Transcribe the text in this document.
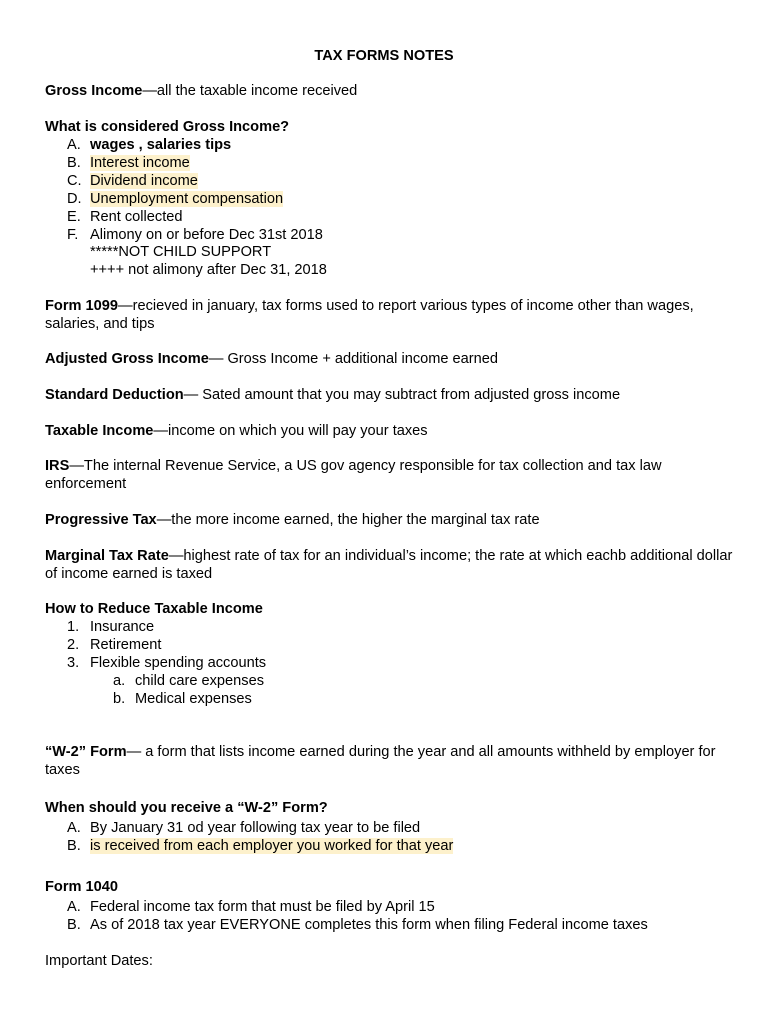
TAX FORMS NOTES
Gross Income—all the taxable income received
What is considered Gross Income?
A. wages , salaries tips
B. Interest income
C. Dividend income
D. Unemployment compensation
E. Rent collected
F. Alimony on or before Dec 31st 2018
*****NOT CHILD SUPPORT
++++ not alimony after Dec 31, 2018
Form 1099—recieved in january, tax forms used to report various types of income other than wages, salaries, and tips
Adjusted Gross Income— Gross Income + additional income earned
Standard Deduction— Sated amount that you may subtract from adjusted gross income
Taxable Income—income on which you will pay your taxes
IRS—The internal Revenue Service, a US gov agency responsible for tax collection and tax law enforcement
Progressive Tax—the more income earned, the higher the marginal tax rate
Marginal Tax Rate—highest rate of tax for an individual’s income; the rate at which eachb additional dollar of income earned is taxed
How to Reduce Taxable Income
1. Insurance
2. Retirement
3. Flexible spending accounts
a. child care expenses
b. Medical expenses
“W-2” Form— a form that lists income earned during the year and all amounts withheld by employer for taxes
When should you receive a “W-2” Form?
A. By January 31 od year following tax year to be filed
B. is received from each employer you worked for that year
Form 1040
A. Federal income tax form that must be filed by April 15
B. As of 2018 tax year EVERYONE completes this form when filing Federal income taxes
Important Dates:
